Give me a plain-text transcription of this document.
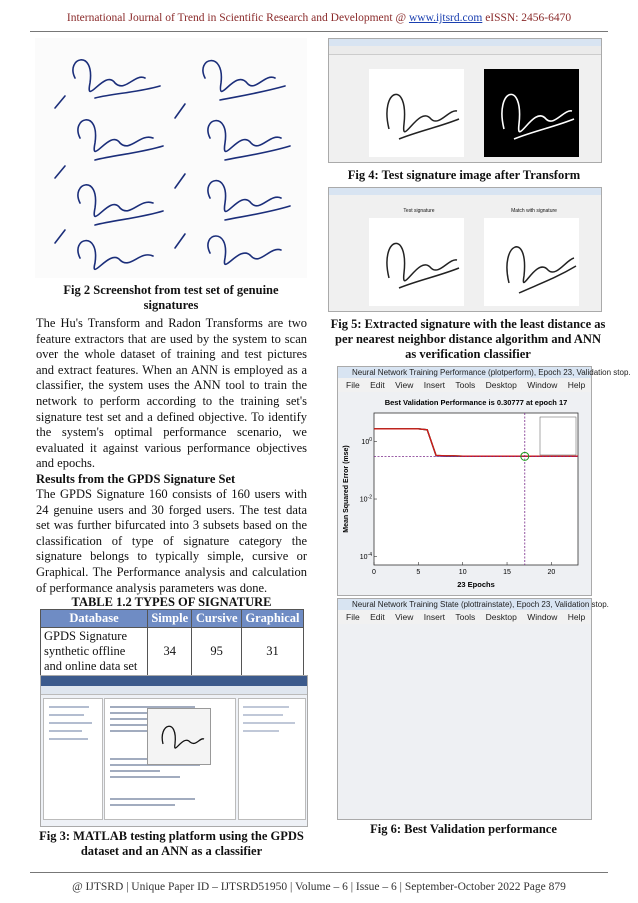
International Journal of Trend in Scientific Research and Development @ www.ijtsrd.com eISSN: 2456-6470
Fig 2 Screenshot from test set of genuine signatures
The Hu's Transform and Radon Transforms are two feature extractors that are used by the system to scan over the whole dataset of training and test pictures and extract features. When an ANN is employed as a classifier, the system uses the ANN tool to train the network to perform according to the training set's signature test set and a defined objective. To identify the system's optimal performance scenario, we evaluated it against various performance objectives and epochs.
Results from the GPDS Signature Set
The GPDS Signature 160 consists of 160 users with 24 genuine users and 30 forged users. The test data set was further bifurcated into 3 subsets based on the classification of type of signature category the signature belongs to typically simple, cursive or Graphical. The Performance analysis and calculation of performance analysis parameters was done.
TABLE 1.2 TYPES OF SIGNATURE
Database	Simple	Cursive	Graphical
GPDS Signature synthetic offline and online data set	34	95	31
Fig 3: MATLAB testing platform using the GPDS dataset and an ANN as a classifier
Fig 4: Test signature image after Transform
Test signature	Match with signature
Fig 5: Extracted signature with the least distance as per nearest neighbor distance algorithm and ANN as verification classifier
Neural Network Training Performance (plotperform), Epoch 23, Validation stop.
File Edit View Insert Tools Desktop Window Help
Best Validation Performance is 0.30777 at epoch 17
23 Epochs
Mean Squared Error (mse)
0	5	10	15	20
$10^0$
$10^{-2}$
$10^{-4}$
Neural Network Training State (plottrainstate), Epoch 23, Validation stop.
File Edit View Insert Tools Desktop Window Help
Fig 6: Best Validation performance
@ IJTSRD | Unique Paper ID – IJTSRD51950 | Volume – 6 | Issue – 6 | September-October 2022 Page 879
